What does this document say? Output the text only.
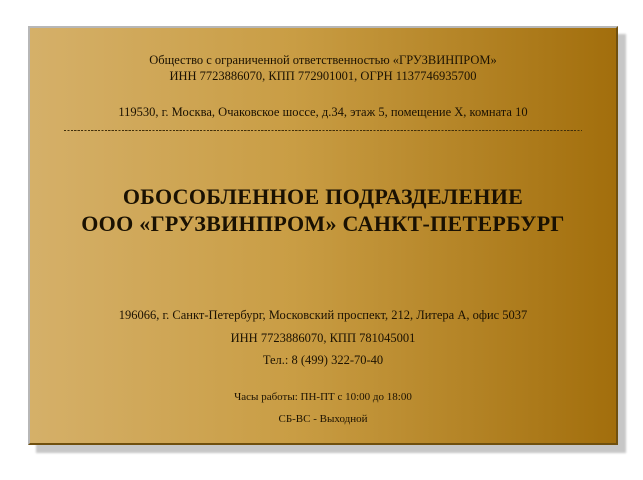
Общество с ограниченной ответственностью «ГРУЗВИНПРОМ»
ИНН 7723886070, КПП 772901001, ОГРН 1137746935700
119530, г. Москва, Очаковское шоссе, д.34, этаж 5, помещение X, комната 10
ОБОСОБЛЕННОЕ ПОДРАЗДЕЛЕНИЕ
ООО «ГРУЗВИНПРОМ» САНКТ-ПЕТЕРБУРГ
196066, г. Санкт-Петербург, Московский проспект, 212, Литера А, офис 5037
ИНН 7723886070, КПП 781045001
Тел.: 8 (499) 322-70-40
Часы работы: ПН-ПТ с 10:00 до 18:00
СБ-ВС - Выходной
